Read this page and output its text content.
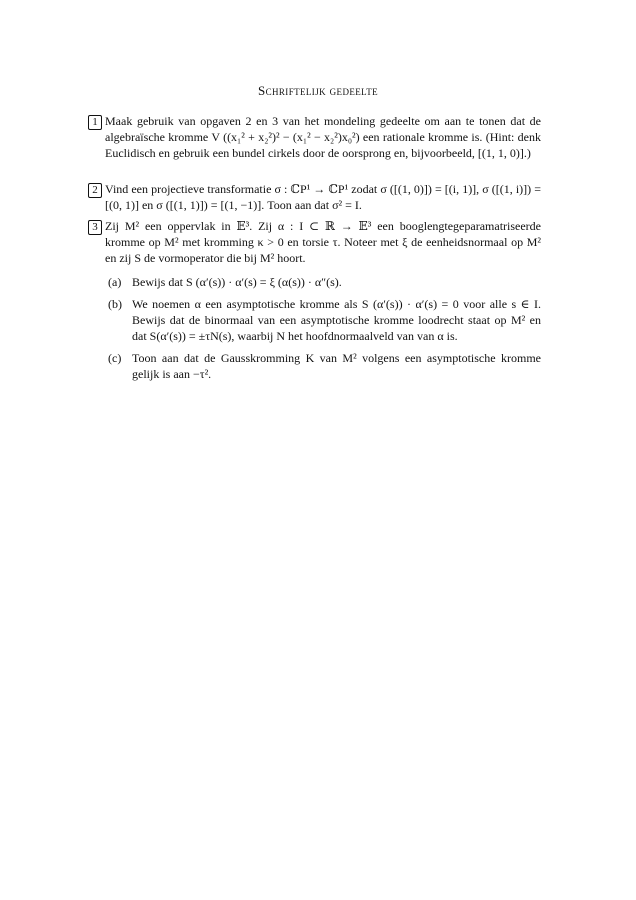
Schriftelijk gedeelte
1 Maak gebruik van opgaven 2 en 3 van het mondeling gedeelte om aan te tonen dat de algebraïsche kromme V ((x₁² + x₂²)² − (x₁² − x₂²)x₀²) een rationale kromme is. (Hint: denk Euclidisch en gebruik een bundel cirkels door de oorsprong en, bijvoorbeeld, [(1, 1, 0)].)
2 Vind een projectieve transformatie σ : ℂP¹ → ℂP¹ zodat σ ([(1, 0)]) = [(i, 1)], σ ([(1, i)]) = [(0, 1)] en σ ([(1, 1)]) = [(1, −1)]. Toon aan dat σ² = I.
3 Zij M² een oppervlak in 𝔼³. Zij α : I ⊂ ℝ → 𝔼³ een booglengtegeparamatriseerde kromme op M² met kromming κ > 0 en torsie τ. Noteer met ξ de eenheidsnormaal op M² en zij S de vormoperator die bij M² hoort.
(a) Bewijs dat S (α′(s)) · α′(s) = ξ (α(s)) · α″(s).
(b) We noemen α een asymptotische kromme als S (α′(s)) · α′(s) = 0 voor alle s ∈ I. Bewijs dat de binormaal van een asymptotische kromme loodrecht staat op M² en dat S(α′(s)) = ±τN(s), waarbij N het hoofdnormaalveld van van α is.
(c) Toon aan dat de Gausskromming K van M² volgens een asymptotische kromme gelijk is aan −τ².
